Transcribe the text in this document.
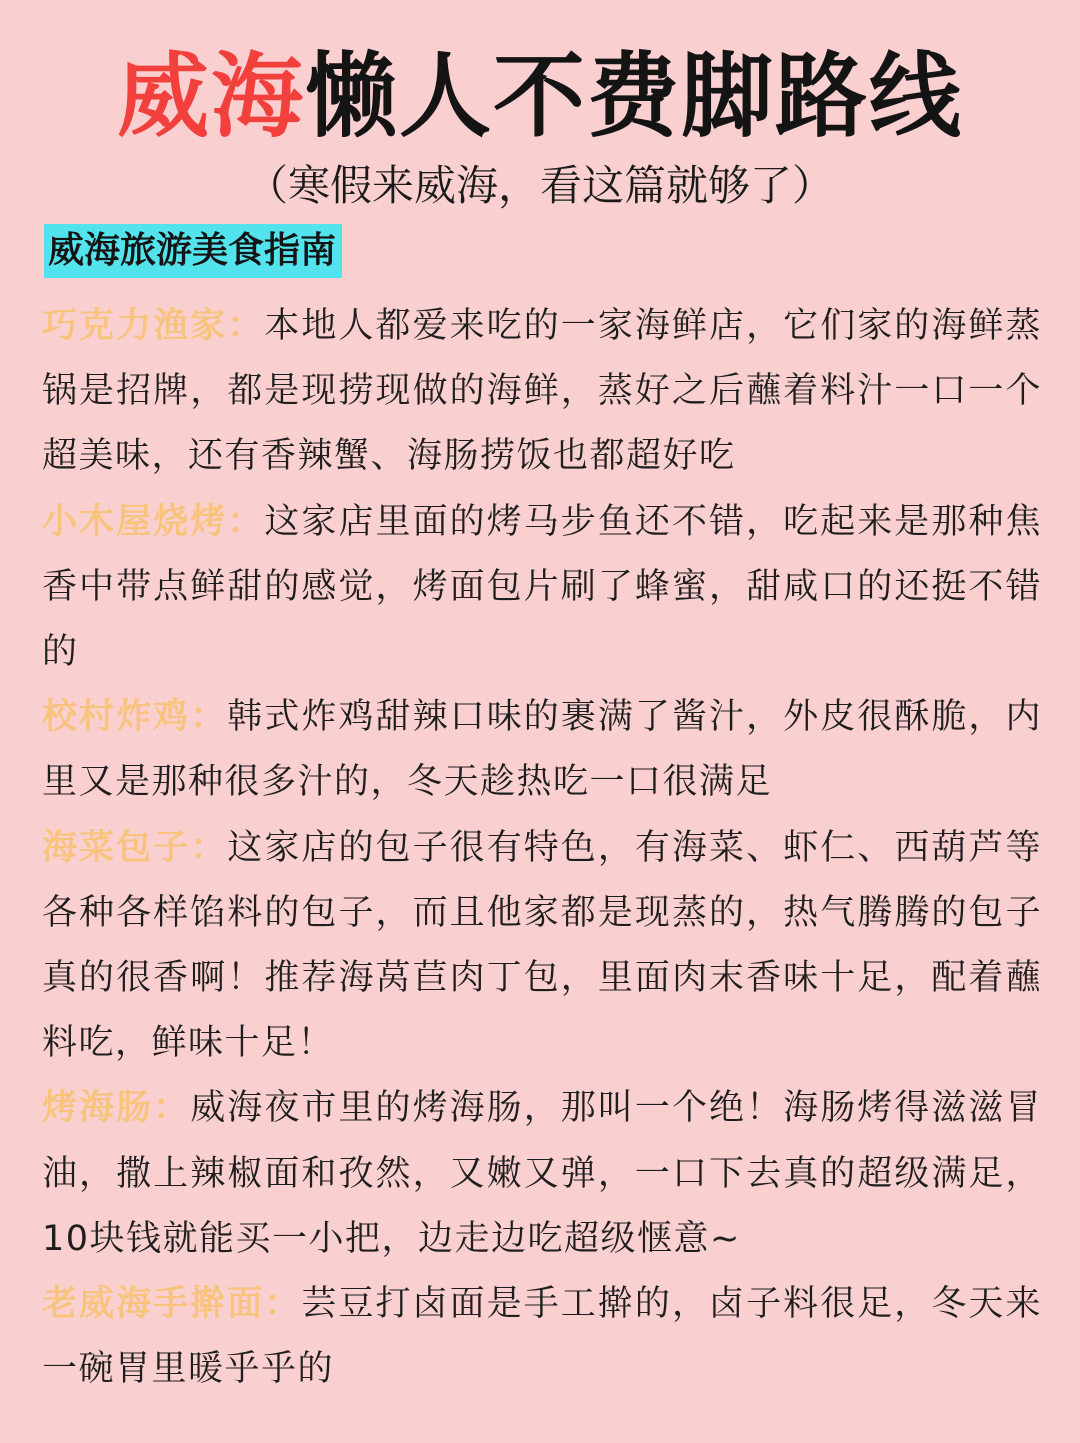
威海懒人不费脚路线
（寒假来威海，看这篇就够了）
威海旅游美食指南

巧克力渔家：本地人都爱来吃的一家海鲜店，它们家的海鲜蒸锅是招牌，都是现捞现做的海鲜，蒸好之后蘸着料汁一口一个超美味，还有香辣蟹、海肠捞饭也都超好吃

小木屋烧烤：这家店里面的烤马步鱼还不错，吃起来是那种焦香中带点鲜甜的感觉，烤面包片刷了蜂蜜，甜咸口的还挺不错的

校村炸鸡：韩式炸鸡甜辣口味的裹满了酱汁，外皮很酥脆，内里又是那种很多汁的，冬天趁热吃一口很满足

海菜包子：这家店的包子很有特色，有海菜、虾仁、西葫芦等各种各样馅料的包子，而且他家都是现蒸的，热气腾腾的包子真的很香啊！推荐海莴苣肉丁包，里面肉末香味十足，配着蘸料吃，鲜味十足！

烤海肠：威海夜市里的烤海肠，那叫一个绝！海肠烤得滋滋冒油，撒上辣椒面和孜然，又嫩又弹，一口下去真的超级满足，10块钱就能买一小把，边走边吃超级惬意~

老威海手擀面：芸豆打卤面是手工擀的，卤子料很足，冬天来一碗胃里暖乎乎的
